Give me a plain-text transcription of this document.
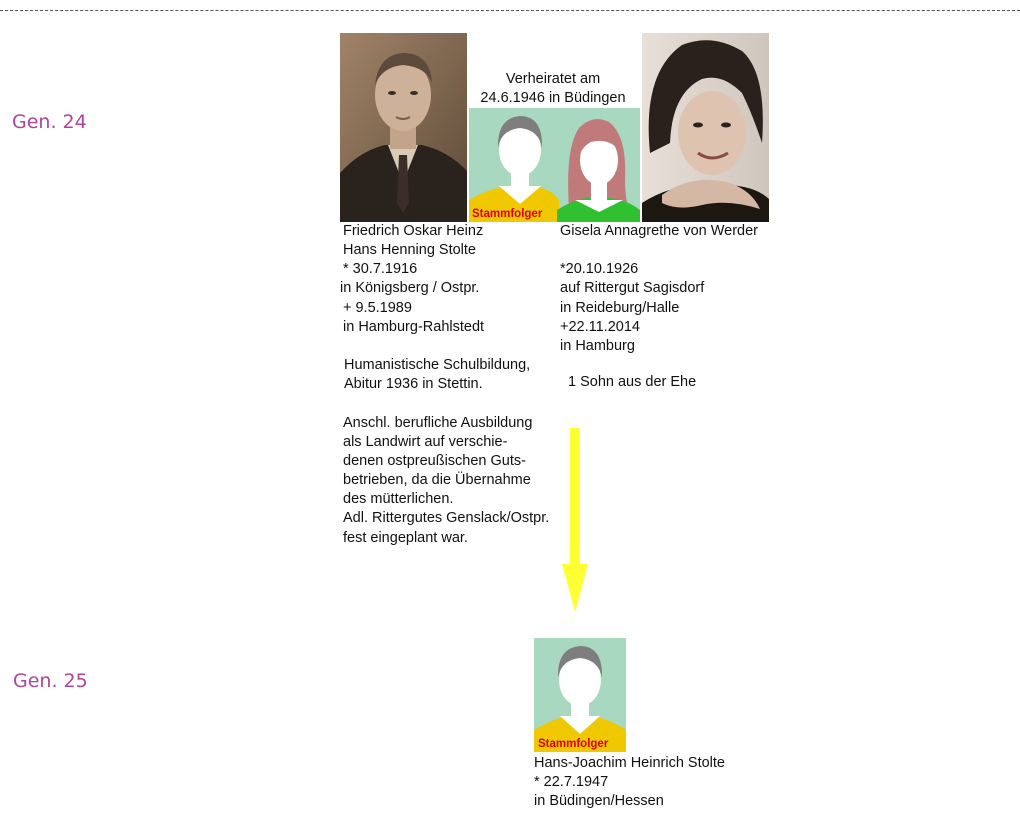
Gen. 24
Gen. 25
Verheiratet am
24.6.1946 in Büdingen
Stammfolger
Friedrich Oskar Heinz
Hans Henning Stolte
* 30.7.1916
in Königsberg / Ostpr.
+ 9.5.1989
in Hamburg-Rahlstedt
Humanistische Schulbildung,
Abitur 1936 in Stettin.
Anschl. berufliche Ausbildung
als Landwirt auf verschie-
denen ostpreußischen Guts-
betrieben, da die Übernahme
des mütterlichen.
Adl. Rittergutes Genslack/Ostpr.
fest eingeplant war.
Gisela Annagrethe von Werder
*20.10.1926
auf Rittergut Sagisdorf
in Reideburg/Halle
+22.11.2014
in Hamburg
1 Sohn aus der Ehe
Stammfolger
Hans-Joachim Heinrich Stolte
* 22.7.1947
in Büdingen/Hessen
